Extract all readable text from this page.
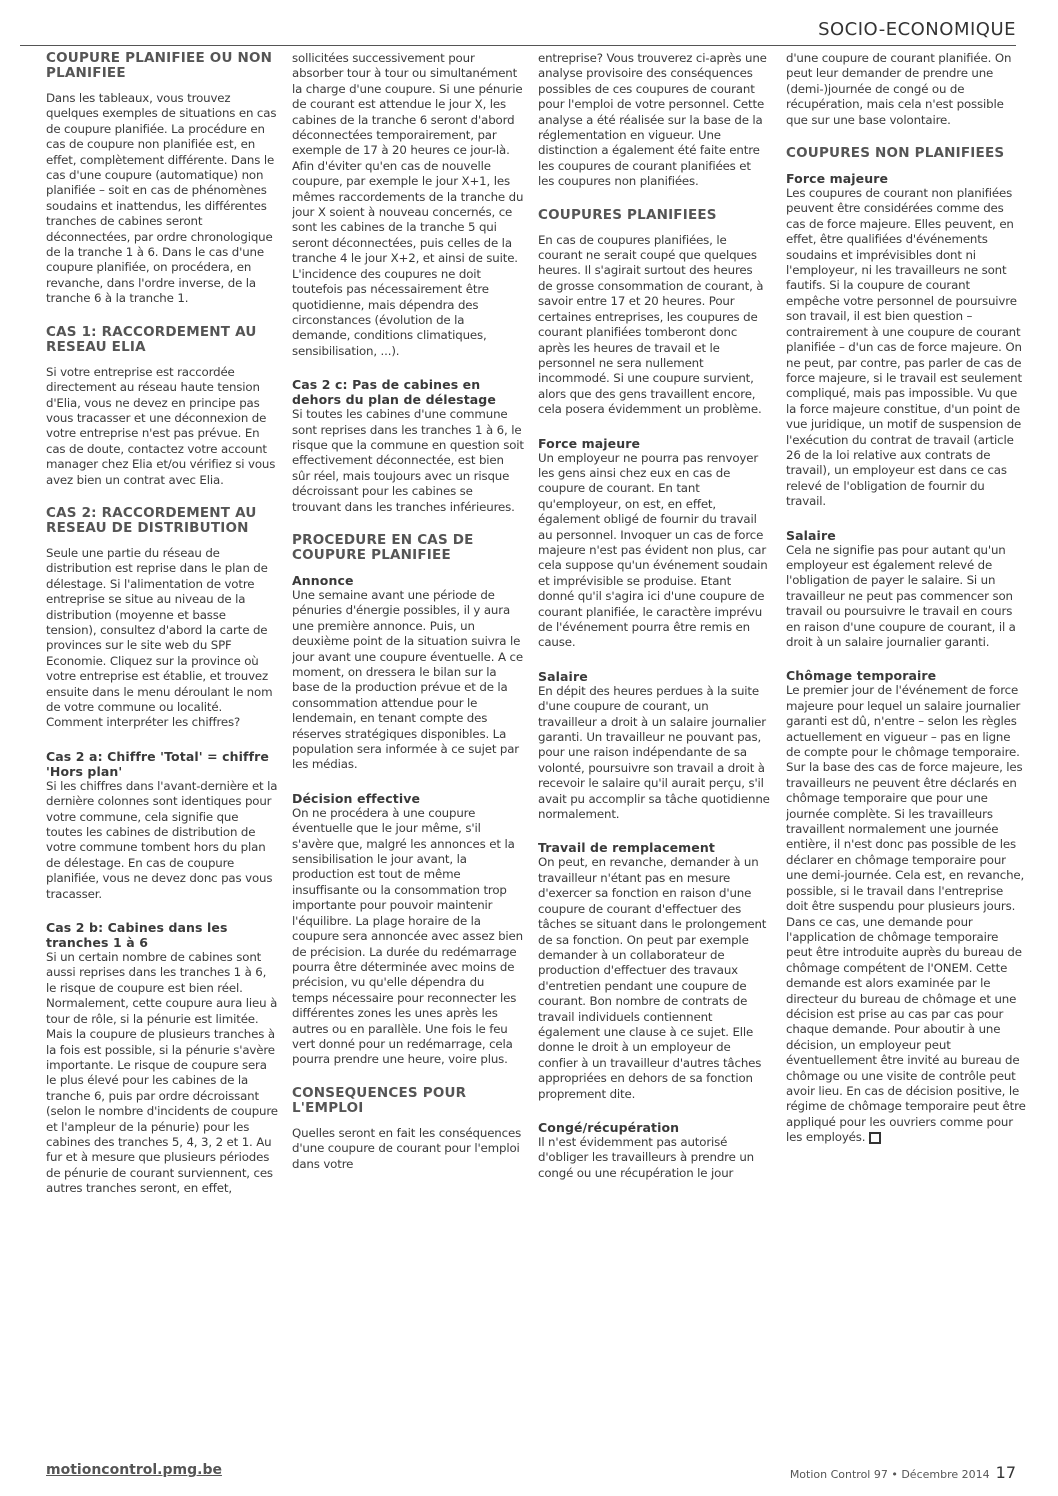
SOCIO-ECONOMIQUE
COUPURE PLANIFIEE OU NON PLANIFIEE

Dans les tableaux, vous trouvez quelques exemples de situations en cas de coupure planifiée. La procédure en cas de coupure non planifiée est, en effet, complètement différente. Dans le cas d'une coupure (automatique) non planifiée – soit en cas de phénomènes soudains et inattendus, les différentes tranches de cabines seront déconnectées, par ordre chronologique de la tranche 1 à 6. Dans le cas d'une coupure planifiée, on procédera, en revanche, dans l'ordre inverse, de la tranche 6 à la tranche 1.

CAS 1: RACCORDEMENT AU RESEAU ELIA

Si votre entreprise est raccordée directement au réseau haute tension d'Elia, vous ne devez en principe pas vous tracasser et une déconnexion de votre entreprise n'est pas prévue. En cas de doute, contactez votre account manager chez Elia et/ou vérifiez si vous avez bien un contrat avec Elia.

CAS 2: RACCORDEMENT AU RESEAU DE DISTRIBUTION

Seule une partie du réseau de distribution est reprise dans le plan de délestage. Si l'alimentation de votre entreprise se situe au niveau de la distribution (moyenne et basse tension), consultez d'abord la carte de provinces sur le site web du SPF Economie. Cliquez sur la province où votre entreprise est établie, et trouvez ensuite dans le menu déroulant le nom de votre commune ou localité. Comment interpréter les chiffres?

Cas 2 a: Chiffre 'Total' = chiffre 'Hors plan'

Si les chiffres dans l'avant-dernière et la dernière colonnes sont identiques pour votre commune, cela signifie que toutes les cabines de distribution de votre commune tombent hors du plan de délestage. En cas de coupure planifiée, vous ne devez donc pas vous tracasser.

Cas 2 b: Cabines dans les tranches 1 à 6

Si un certain nombre de cabines sont aussi reprises dans les tranches 1 à 6, le risque de coupure est bien réel. Normalement, cette coupure aura lieu à tour de rôle, si la pénurie est limitée. Mais la coupure de plusieurs tranches à la fois est possible, si la pénurie s'avère importante. Le risque de coupure sera le plus élevé pour les cabines de la tranche 6, puis par ordre décroissant (selon le nombre d'incidents de coupure et l'ampleur de la pénurie) pour les cabines des tranches 5, 4, 3, 2 et 1. Au fur et à mesure que plusieurs périodes de pénurie de courant surviennent, ces autres tranches seront, en effet,

sollicitées successivement pour absorber tour à tour ou simultanément la charge d'une coupure. Si une pénurie de courant est attendue le jour X, les cabines de la tranche 6 seront d'abord déconnectées temporairement, par exemple de 17 à 20 heures ce jour-là. Afin d'éviter qu'en cas de nouvelle coupure, par exemple le jour X+1, les mêmes raccordements de la tranche du jour X soient à nouveau concernés, ce sont les cabines de la tranche 5 qui seront déconnectées, puis celles de la tranche 4 le jour X+2, et ainsi de suite. L'incidence des coupures ne doit toutefois pas nécessairement être quotidienne, mais dépendra des circonstances (évolution de la demande, conditions climatiques, sensibilisation, ...).

Cas 2 c: Pas de cabines en dehors du plan de délestage

Si toutes les cabines d'une commune sont reprises dans les tranches 1 à 6, le risque que la commune en question soit effectivement déconnectée, est bien sûr réel, mais toujours avec un risque décroissant pour les cabines se trouvant dans les tranches inférieures.

PROCEDURE EN CAS DE COUPURE PLANIFIEE
Annonce

Une semaine avant une période de pénuries d'énergie possibles, il y aura une première annonce. Puis, un deuxième point de la situation suivra le jour avant une coupure éventuelle. A ce moment, on dressera le bilan sur la base de la production prévue et de la consommation attendue pour le lendemain, en tenant compte des réserves stratégiques disponibles. La population sera informée à ce sujet par les médias.

Décision effective

On ne procédera à une coupure éventuelle que le jour même, s'il s'avère que, malgré les annonces et la sensibilisation le jour avant, la production est tout de même insuffisante ou la consommation trop importante pour pouvoir maintenir l'équilibre. La plage horaire de la coupure sera annoncée avec assez bien de précision. La durée du redémarrage pourra être déterminée avec moins de précision, vu qu'elle dépendra du temps nécessaire pour reconnecter les différentes zones les unes après les autres ou en parallèle. Une fois le feu vert donné pour un redémarrage, cela pourra prendre une heure, voire plus.

CONSEQUENCES POUR L'EMPLOI

Quelles seront en fait les conséquences d'une coupure de courant pour l'emploi dans votre

entreprise? Vous trouverez ci-après une analyse provisoire des conséquences possibles de ces coupures de courant pour l'emploi de votre personnel. Cette analyse a été réalisée sur la base de la réglementation en vigueur. Une distinction a également été faite entre les coupures de courant planifiées et les coupures non planifiées.

COUPURES PLANIFIEES

En cas de coupures planifiées, le courant ne serait coupé que quelques heures. Il s'agirait surtout des heures de grosse consommation de courant, à savoir entre 17 et 20 heures. Pour certaines entreprises, les coupures de courant planifiées tomberont donc après les heures de travail et le personnel ne sera nullement incommodé. Si une coupure survient, alors que des gens travaillent encore, cela posera évidemment un problème.

Force majeure

Un employeur ne pourra pas renvoyer les gens ainsi chez eux en cas de coupure de courant. En tant qu'employeur, on est, en effet, également obligé de fournir du travail au personnel. Invoquer un cas de force majeure n'est pas évident non plus, car cela suppose qu'un événement soudain et imprévisible se produise. Etant donné qu'il s'agira ici d'une coupure de courant planifiée, le caractère imprévu de l'événement pourra être remis en cause.

Salaire

En dépit des heures perdues à la suite d'une coupure de courant, un travailleur a droit à un salaire journalier garanti. Un travailleur ne pouvant pas, pour une raison indépendante de sa volonté, poursuivre son travail a droit à recevoir le salaire qu'il aurait perçu, s'il avait pu accomplir sa tâche quotidienne normalement.

Travail de remplacement

On peut, en revanche, demander à un travailleur n'étant pas en mesure d'exercer sa fonction en raison d'une coupure de courant d'effectuer des tâches se situant dans le prolongement de sa fonction. On peut par exemple demander à un collaborateur de production d'effectuer des travaux d'entretien pendant une coupure de courant. Bon nombre de contrats de travail individuels contiennent également une clause à ce sujet. Elle donne le droit à un employeur de confier à un travailleur d'autres tâches appropriées en dehors de sa fonction proprement dite.

Congé/récupération

Il n'est évidemment pas autorisé d'obliger les travailleurs à prendre un congé ou une récupération le jour

d'une coupure de courant planifiée. On peut leur demander de prendre une (demi-)journée de congé ou de récupération, mais cela n'est possible que sur une base volontaire.

COUPURES NON PLANIFIEES
Force majeure

Les coupures de courant non planifiées peuvent être considérées comme des cas de force majeure. Elles peuvent, en effet, être qualifiées d'événements soudains et imprévisibles dont ni l'employeur, ni les travailleurs ne sont fautifs. Si la coupure de courant empêche votre personnel de poursuivre son travail, il est bien question – contrairement à une coupure de courant planifiée – d'un cas de force majeure. On ne peut, par contre, pas parler de cas de force majeure, si le travail est seulement compliqué, mais pas impossible. Vu que la force majeure constitue, d'un point de vue juridique, un motif de suspension de l'exécution du contrat de travail (article 26 de la loi relative aux contrats de travail), un employeur est dans ce cas relevé de l'obligation de fournir du travail.

Salaire

Cela ne signifie pas pour autant qu'un employeur est également relevé de l'obligation de payer le salaire. Si un travailleur ne peut pas commencer son travail ou poursuivre le travail en cours en raison d'une coupure de courant, il a droit à un salaire journalier garanti.

Chômage temporaire

Le premier jour de l'événement de force majeure pour lequel un salaire journalier garanti est dû, n'entre – selon les règles actuellement en vigueur – pas en ligne de compte pour le chômage temporaire. Sur la base des cas de force majeure, les travailleurs ne peuvent être déclarés en chômage temporaire que pour une journée complète. Si les travailleurs travaillent normalement une journée entière, il n'est donc pas possible de les déclarer en chômage temporaire pour une demi-journée. Cela est, en revanche, possible, si le travail dans l'entreprise doit être suspendu pour plusieurs jours. Dans ce cas, une demande pour l'application de chômage temporaire peut être introduite auprès du bureau de chômage compétent de l'ONEM. Cette demande est alors examinée par le directeur du bureau de chômage et une décision est prise au cas par cas pour chaque demande. Pour aboutir à une décision, un employeur peut éventuellement être invité au bureau de chômage ou une visite de contrôle peut avoir lieu. En cas de décision positive, le régime de chômage temporaire peut être appliqué pour les ouvriers comme pour les employés.

motioncontrol.pmg.be	Motion Control 97 • Décembre 2014 17
